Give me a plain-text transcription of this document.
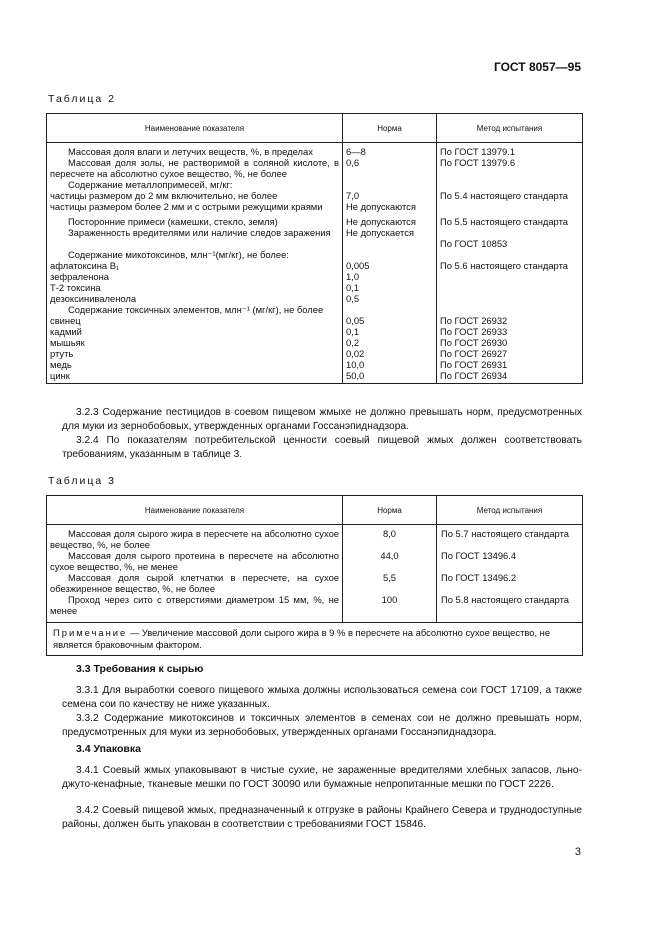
ГОСТ 8057—95
Таблица 2
Наименование показателя	Норма	Метод испытания

Массовая доля влаги и летучих веществ, %, в пределах	6—8	По ГОСТ 13979.1
Массовая доля золы, не растворимой в соляной кислоте, в пересчете на абсолютно сухое вещество, %, не более	0,6	По ГОСТ 13979.6
Содержание металлопримесей, мг/кг:		
частицы размером до 2 мм включительно, не более	7,0	По 5.4 настоящего стандарта
частицы размером более 2 мм и с острыми режущими краями	Не допускаются	
Посторонние примеси (камешки, стекло, земля)	Не допускаются	По 5.5 настоящего стандарта
Зараженность вредителями или наличие следов заражения	Не допускается	По ГОСТ 10853
Содержание микотоксинов, млн⁻¹(мг/кг), не более:		
афлатоксина B₁	0,005	По 5.6 настоящего стандарта
зефраленона	1,0	
Т-2 токсина	0,1	
дезоксиниваленола	0,5	
Содержание токсичных элементов, млн⁻¹ (мг/кг), не более		
свинец	0,05	По ГОСТ 26932
кадмий	0,1	По ГОСТ 26933
мышьяк	0,2	По ГОСТ 26930
ртуть	0,02	По ГОСТ 26927
медь	10,0	По ГОСТ 26931
цинк	50,0	По ГОСТ 26934

3.2.3 Содержание пестицидов в соевом пищевом жмыхе не должно превышать норм, предусмотренных для муки из зернобобовых, утвержденных органами Госсанэпиднадзора.

3.2.4 По показателям потребительской ценности соевый пищевой жмых должен соответствовать требованиям, указанным в таблице 3.

Таблица 3
Наименование показателя	Норма	Метод испытания
Массовая доля сырого жира в пересчете на абсолютно сухое вещество, %, не более	8,0	По 5.7 настоящего стандарта
Массовая доля сырого протеина в пересчете на абсолютно сухое вещество, %, не менее	44,0	По ГОСТ 13496.4
Массовая доля сырой клетчатки в пересчете, на сухое обезжиренное вещество, %, не более	5,5	По ГОСТ 13496.2
Проход через сито с отверстиями диаметром 15 мм, %, не менее	100	По 5.8 настоящего стандарта
Примечание — Увеличение массовой доли сырого жира в 9 % в пересчете на абсолютно сухое вещество, не является браковочным фактором.		
3.3 Требования к сырью

3.3.1 Для выработки соевого пищевого жмыха должны использоваться семена сои ГОСТ 17109, а также семена сои по качеству не ниже указанных.

3.3.2 Содержание микотоксинов и токсичных элементов в семенах сои не должно превышать норм, предусмотренных для муки из зернобобовых, утвержденных органами Госсанэпиднадзора.

3.4 Упаковка

3.4.1 Соевый жмых упаковывают в чистые сухие, не зараженные вредителями хлебных запасов, льно-джуто-кенафные, тканевые мешки по ГОСТ 30090 или бумажные непропитанные мешки по ГОСТ 2226.

3.4.2 Соевый пищевой жмых, предназначенный к отгрузке в районы Крайнего Севера и труднодоступные районы, должен быть упакован в соответствии с требованиями ГОСТ 15846.

3
